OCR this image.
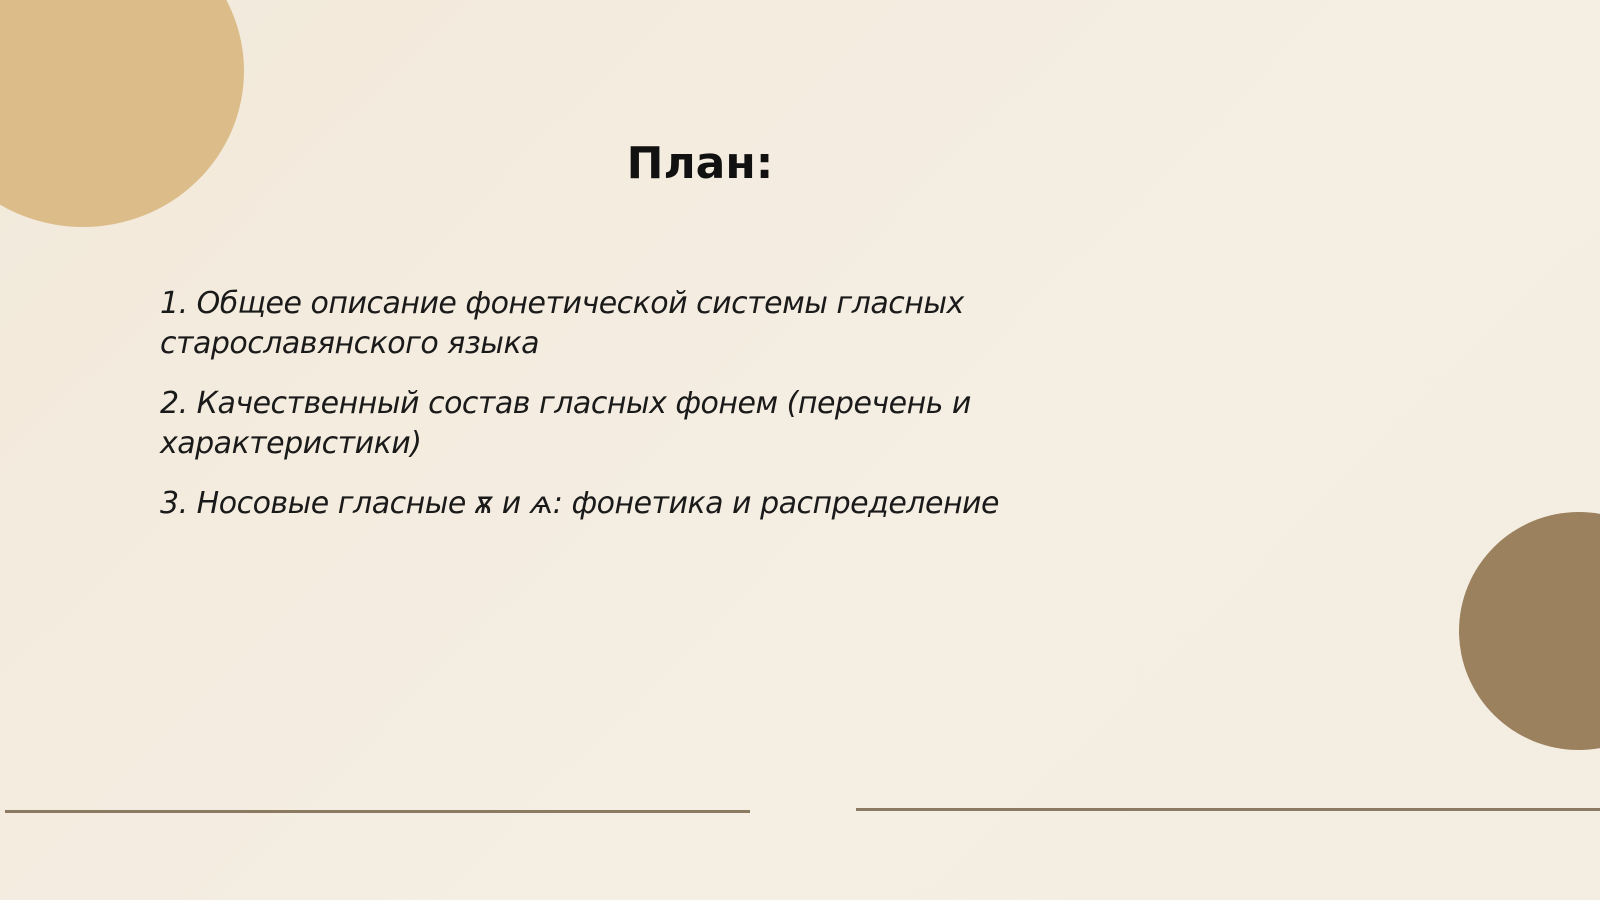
План:
1. Общее описание фонетической системы гласных старославянского языка
2. Качественный состав гласных фонем (перечень и характеристики)
3. Носовые гласные ѫ и ѧ: фонетика и распределение
